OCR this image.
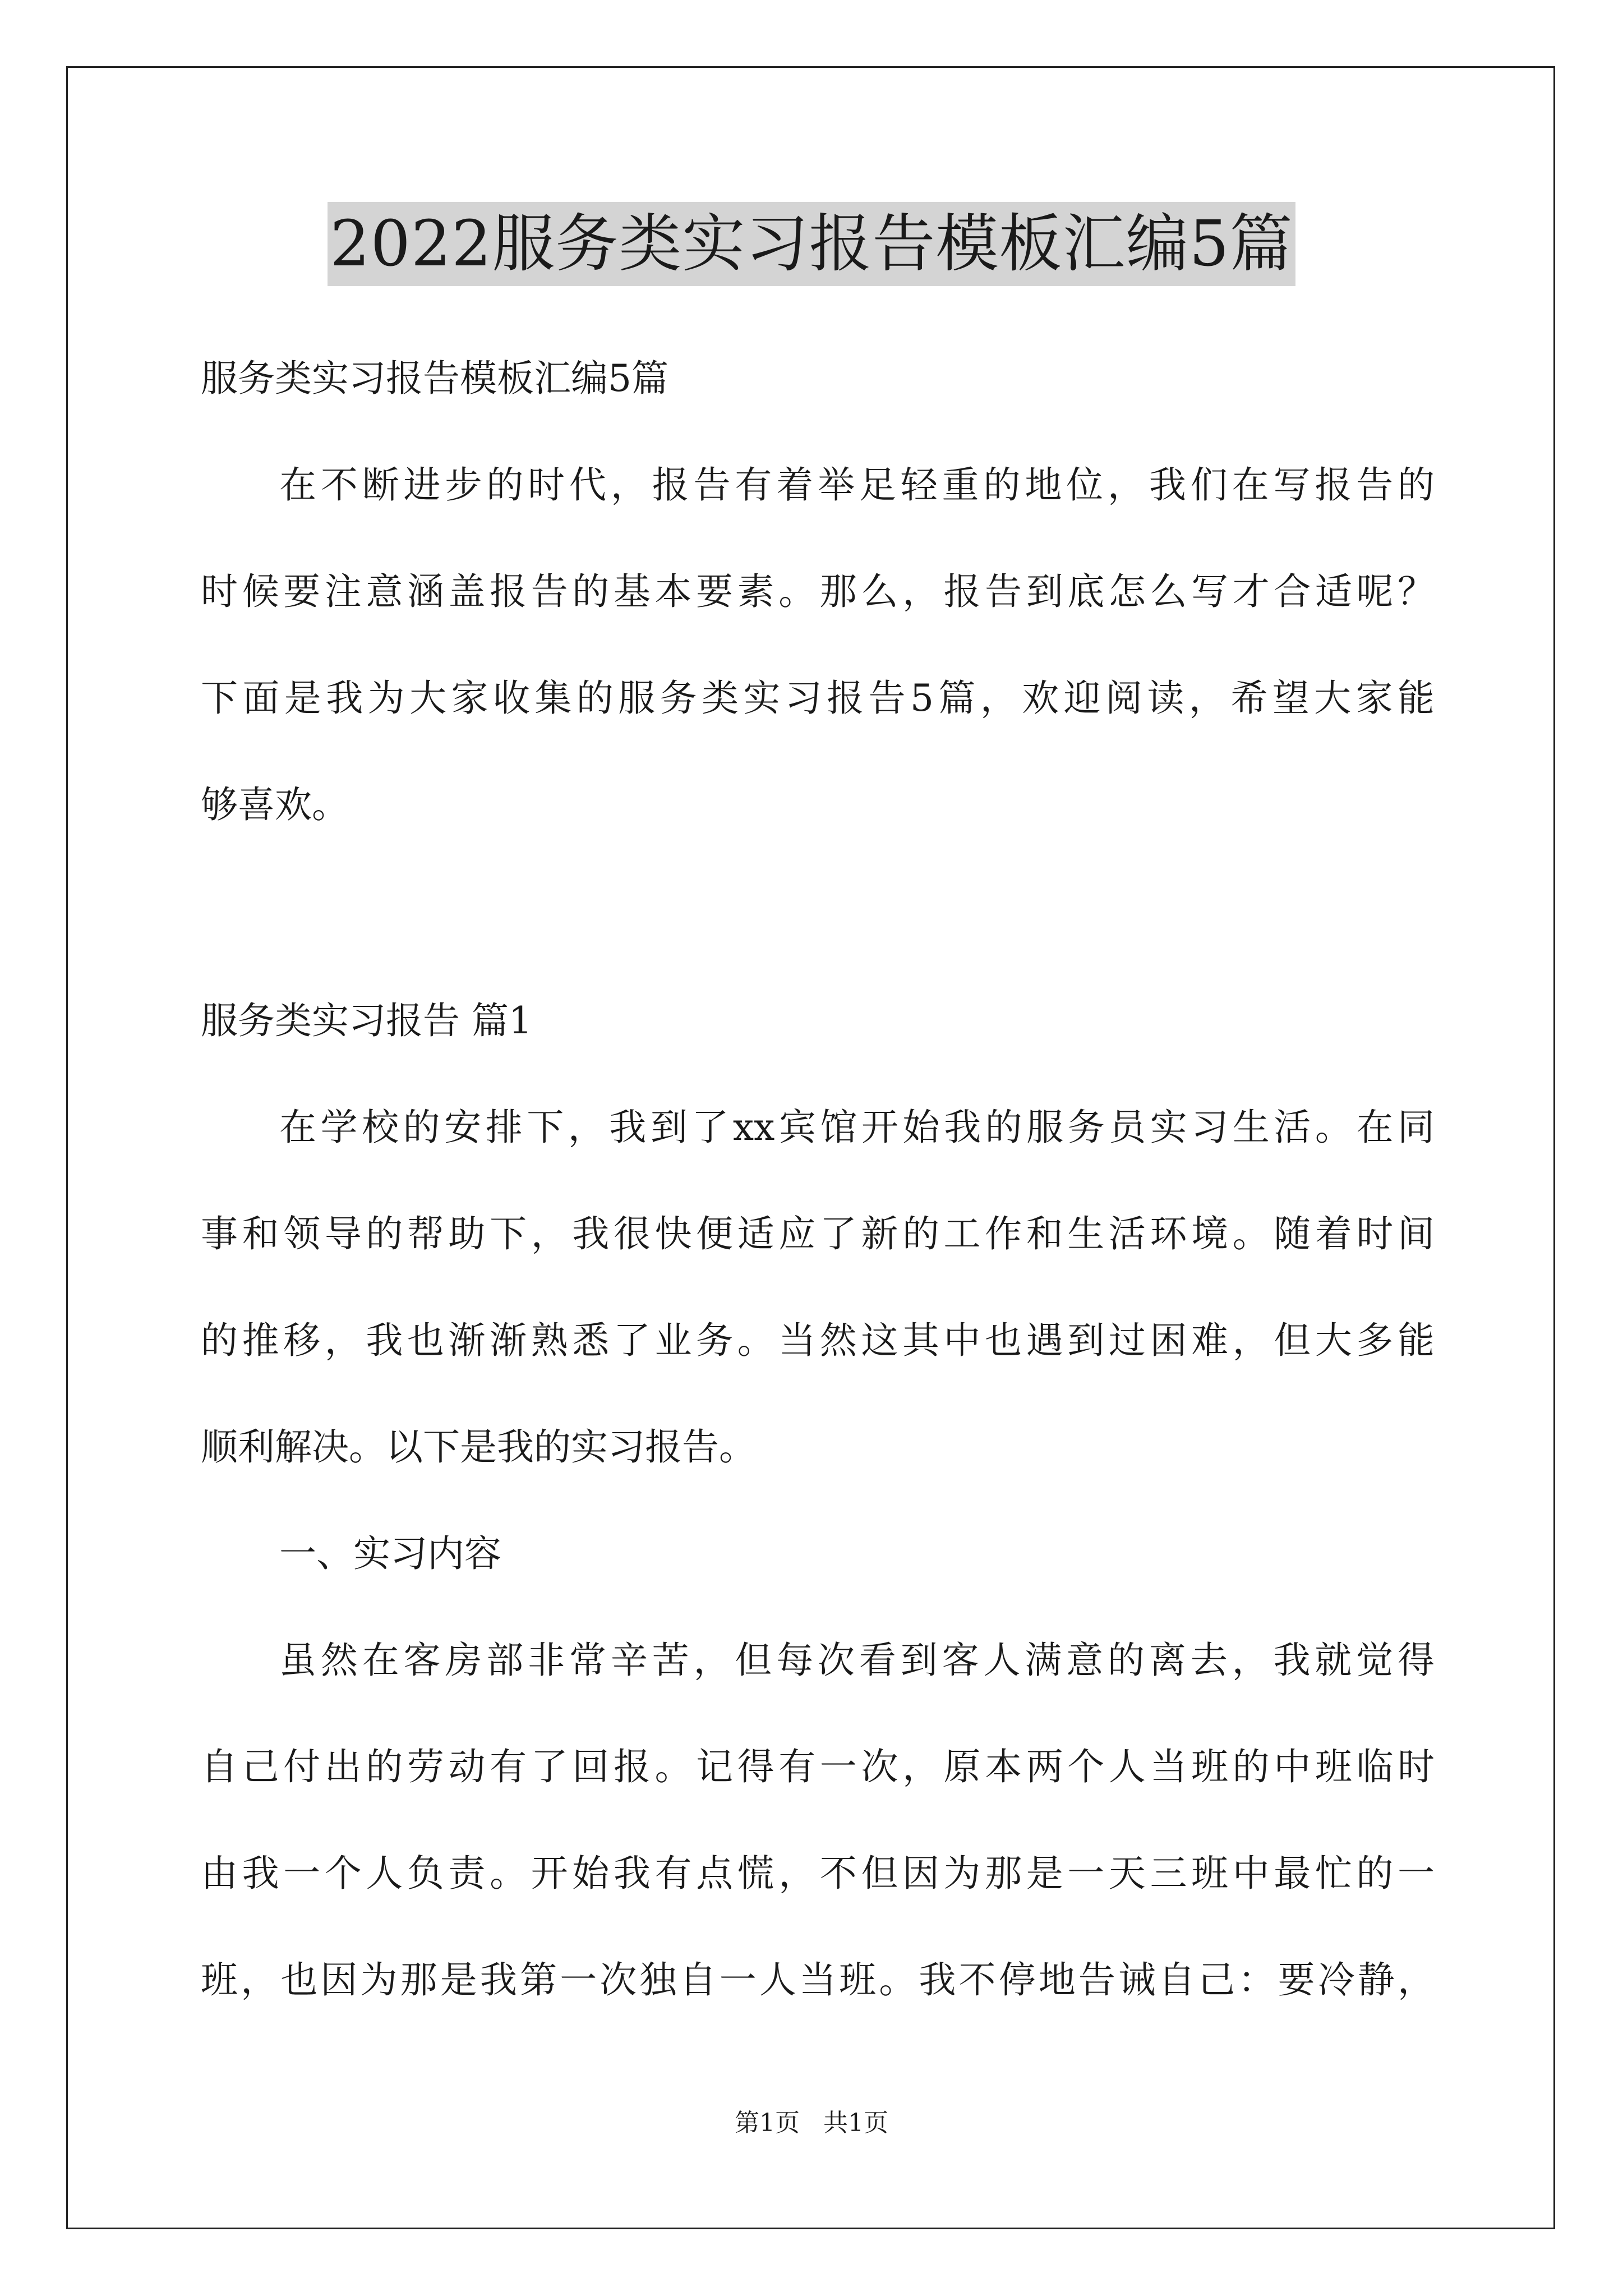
2022服务类实习报告模板汇编5篇

服务类实习报告模板汇编5篇

在不断进步的时代，报告有着举足轻重的地位，我们在写报告的

时候要注意涵盖报告的基本要素。那么，报告到底怎么写才合适呢？

下面是我为大家收集的服务类实习报告5篇，欢迎阅读，希望大家能

够喜欢。

服务类实习报告 篇1

在学校的安排下，我到了xx宾馆开始我的服务员实习生活。在同

事和领导的帮助下，我很快便适应了新的工作和生活环境。随着时间

的推移，我也渐渐熟悉了业务。当然这其中也遇到过困难，但大多能

顺利解决。以下是我的实习报告。

一、实习内容

虽然在客房部非常辛苦，但每次看到客人满意的离去，我就觉得

自己付出的劳动有了回报。记得有一次，原本两个人当班的中班临时

由我一个人负责。开始我有点慌，不但因为那是一天三班中最忙的一

班，也因为那是我第一次独自一人当班。我不停地告诫自己：要冷静，

第1页   共1页
